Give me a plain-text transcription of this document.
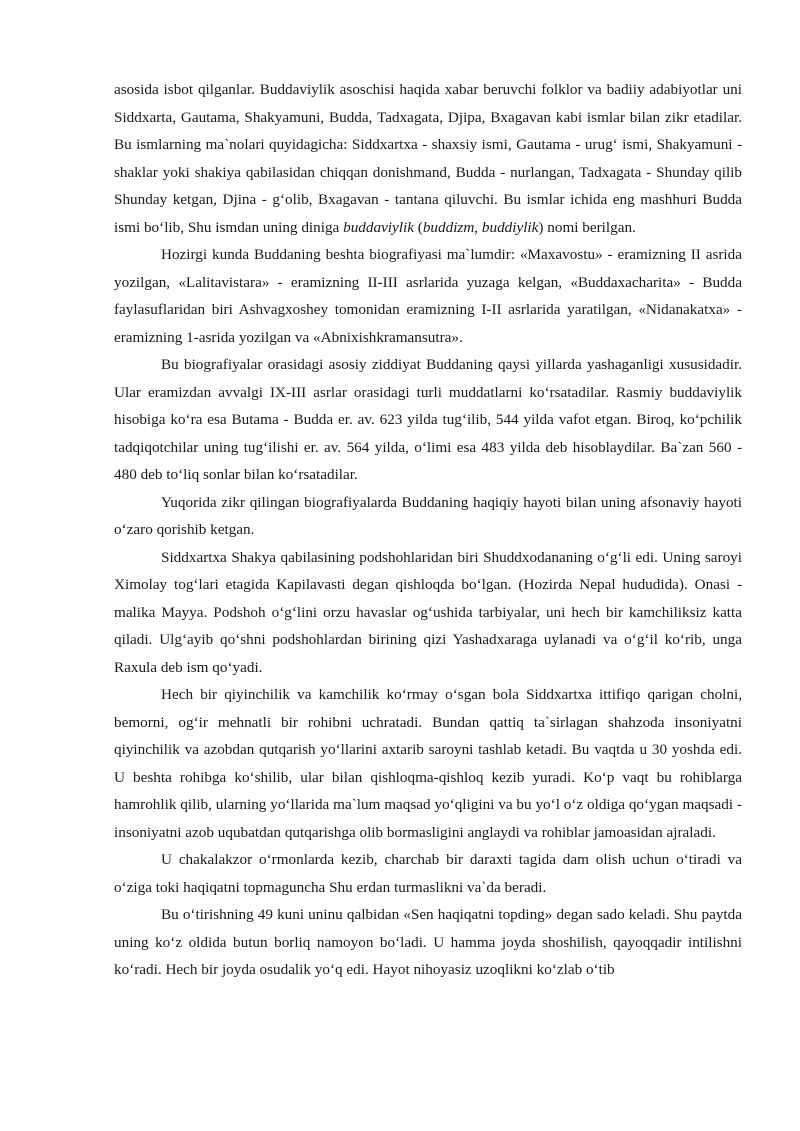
asosida isbot qilganlar. Buddaviylik asoschisi haqida xabar beruvchi folklor va badiiy adabiyotlar uni Siddxarta, Gautama, Shakyamuni, Budda, Tadxagata, Djipa, Bxagavan kabi ismlar bilan zikr etadilar. Bu ismlarning ma`nolari quyidagicha: Siddxartxa - shaxsiy ismi, Gautama - urug‘ ismi, Shakyamuni - shaklar yoki shakiya qabilasidan chiqqan donishmand, Budda - nurlangan, Tadxagata - Shunday qilib Shunday ketgan, Djina - g‘olib, Bxagavan - tantana qiluvchi. Bu ismlar ichida eng mashhuri Budda ismi bo‘lib, Shu ismdan uning diniga buddaviylik (buddizm, buddiylik) nomi berilgan.

Hozirgi kunda Buddaning beshta biografiyasi ma`lumdir: «Maxavostu» - eramizning II asrida yozilgan, «Lalitavistara» - eramizning II-III asrlarida yuzaga kelgan, «Buddaxacharita» - Budda faylasuflaridan biri Ashvagxoshey tomonidan eramizning I-II asrlarida yaratilgan, «Nidanakatxa» - eramizning 1-asrida yozilgan va «Abnixishkramansutra».

Bu biografiyalar orasidagi asosiy ziddiyat Buddaning qaysi yillarda yashaganligi xususidadir. Ular eramizdan avvalgi IX-III asrlar orasidagi turli muddatlarni ko‘rsatadilar. Rasmiy buddaviylik hisobiga ko‘ra esa Butama - Budda er. av. 623 yilda tug‘ilib, 544 yilda vafot etgan. Biroq, ko‘pchilik tadqiqotchilar uning tug‘ilishi er. av. 564 yilda, o‘limi esa 483 yilda deb hisoblaydilar. Ba`zan 560 - 480 deb to‘liq sonlar bilan ko‘rsatadilar.

Yuqorida zikr qilingan biografiyalarda Buddaning haqiqiy hayoti bilan uning afsonaviy hayoti o‘zaro qorishib ketgan.

Siddxartxa Shakya qabilasining podshohlaridan biri Shuddxodananing o‘g‘li edi. Uning saroyi Ximolay tog‘lari etagida Kapilavasti degan qishloqda bo‘lgan. (Hozirda Nepal hududida). Onasi - malika Mayya. Podshoh o‘g‘lini orzu havaslar og‘ushida tarbiyalar, uni hech bir kamchiliksiz katta qiladi. Ulg‘ayib qo‘shni podshohlardan birining qizi Yashadxaraga uylanadi va o‘g‘il ko‘rib, unga Raxula deb ism qo‘yadi.

Hech bir qiyinchilik va kamchilik ko‘rmay o‘sgan bola Siddxartxa ittifiqo qarigan cholni, bemorni, og‘ir mehnatli bir rohibni uchratadi. Bundan qattiq ta`sirlagan shahzoda insoniyatni qiyinchilik va azobdan qutqarish yo‘llarini axtarib saroyni tashlab ketadi. Bu vaqtda u 30 yoshda edi. U beshta rohibga ko‘shilib, ular bilan qishloqma-qishloq kezib yuradi. Ko‘p vaqt bu rohiblarga hamrohlik qilib, ularning yo‘llarida ma`lum maqsad yo‘qligini va bu yo‘l o‘z oldiga qo‘ygan maqsadi - insoniyatni azob uqubatdan qutqarishga olib bormasligini anglaydi va rohiblar jamoasidan ajraladi.

U chakalakzor o‘rmonlarda kezib, charchab bir daraxti tagida dam olish uchun o‘tiradi va o‘ziga toki haqiqatni topmaguncha Shu erdan turmaslikni va`da beradi.

Bu o‘tirishning 49 kuni uninu qalbidan «Sen haqiqatni topding» degan sado keladi. Shu paytda uning ko‘z oldida butun borliq namoyon bo‘ladi. U hamma joyda shoshilish, qayoqqadir intilishni ko‘radi. Hech bir joyda osudalik yo‘q edi. Hayot nihoyasiz uzoqlikni ko‘zlab o‘tib
